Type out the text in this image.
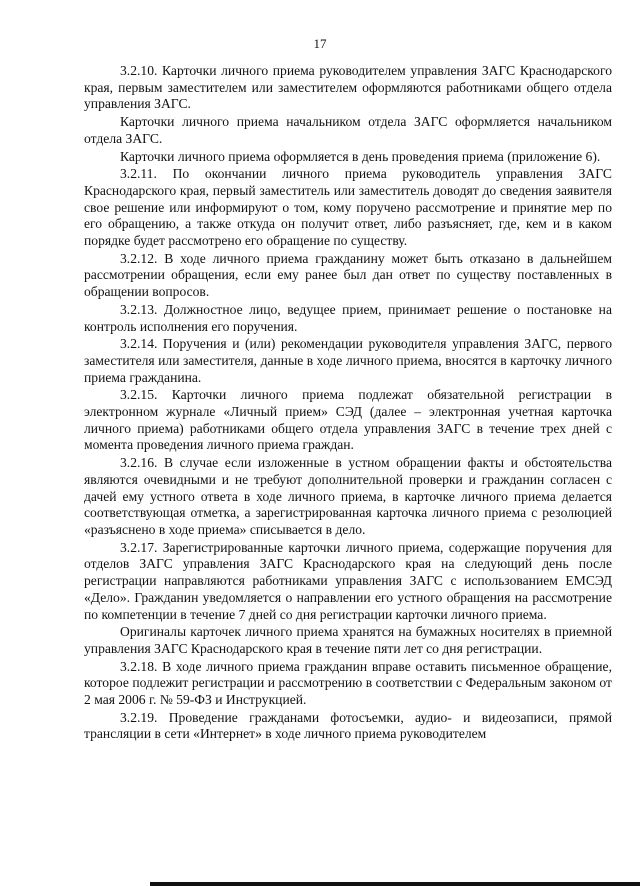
17

3.2.10. Карточки личного приема руководителем управления ЗАГС Краснодарского края, первым заместителем или заместителем оформляются работниками общего отдела управления ЗАГС.

Карточки личного приема начальником отдела ЗАГС оформляется начальником отдела ЗАГС.

Карточки личного приема оформляется в день проведения приема (приложение 6).

3.2.11. По окончании личного приема руководитель управления ЗАГС Краснодарского края, первый заместитель или заместитель доводят до сведения заявителя свое решение или информируют о том, кому поручено рассмотрение и принятие мер по его обращению, а также откуда он получит ответ, либо разъясняет, где, кем и в каком порядке будет рассмотрено его обращение по существу.

3.2.12. В ходе личного приема гражданину может быть отказано в дальнейшем рассмотрении обращения, если ему ранее был дан ответ по существу поставленных в обращении вопросов.

3.2.13. Должностное лицо, ведущее прием, принимает решение о постановке на контроль исполнения его поручения.

3.2.14. Поручения и (или) рекомендации руководителя управления ЗАГС, первого заместителя или заместителя, данные в ходе личного приема, вносятся в карточку личного приема гражданина.

3.2.15. Карточки личного приема подлежат обязательной регистрации в электронном журнале «Личный прием» СЭД (далее – электронная учетная карточка личного приема) работниками общего отдела управления ЗАГС в течение трех дней с момента проведения личного приема граждан.

3.2.16. В случае если изложенные в устном обращении факты и обстоятельства являются очевидными и не требуют дополнительной проверки и гражданин согласен с дачей ему устного ответа в ходе личного приема, в карточке личного приема делается соответствующая отметка, а зарегистрированная карточка личного приема с резолюцией «разъяснено в ходе приема» списывается в дело.

3.2.17. Зарегистрированные карточки личного приема, содержащие поручения для отделов ЗАГС управления ЗАГС Краснодарского края на следующий день после регистрации направляются работниками управления ЗАГС с использованием ЕМСЭД «Дело». Гражданин уведомляется о направлении его устного обращения на рассмотрение по компетенции в течение 7 дней со дня регистрации карточки личного приема.

Оригиналы карточек личного приема хранятся на бумажных носителях в приемной управления ЗАГС Краснодарского края в течение пяти лет со дня регистрации.

3.2.18. В ходе личного приема гражданин вправе оставить письменное обращение, которое подлежит регистрации и рассмотрению в соответствии с Федеральным законом от 2 мая 2006 г. № 59-ФЗ и Инструкцией.

3.2.19. Проведение гражданами фотосъемки, аудио- и видеозаписи, прямой трансляции в сети «Интернет» в ходе личного приема руководителем
